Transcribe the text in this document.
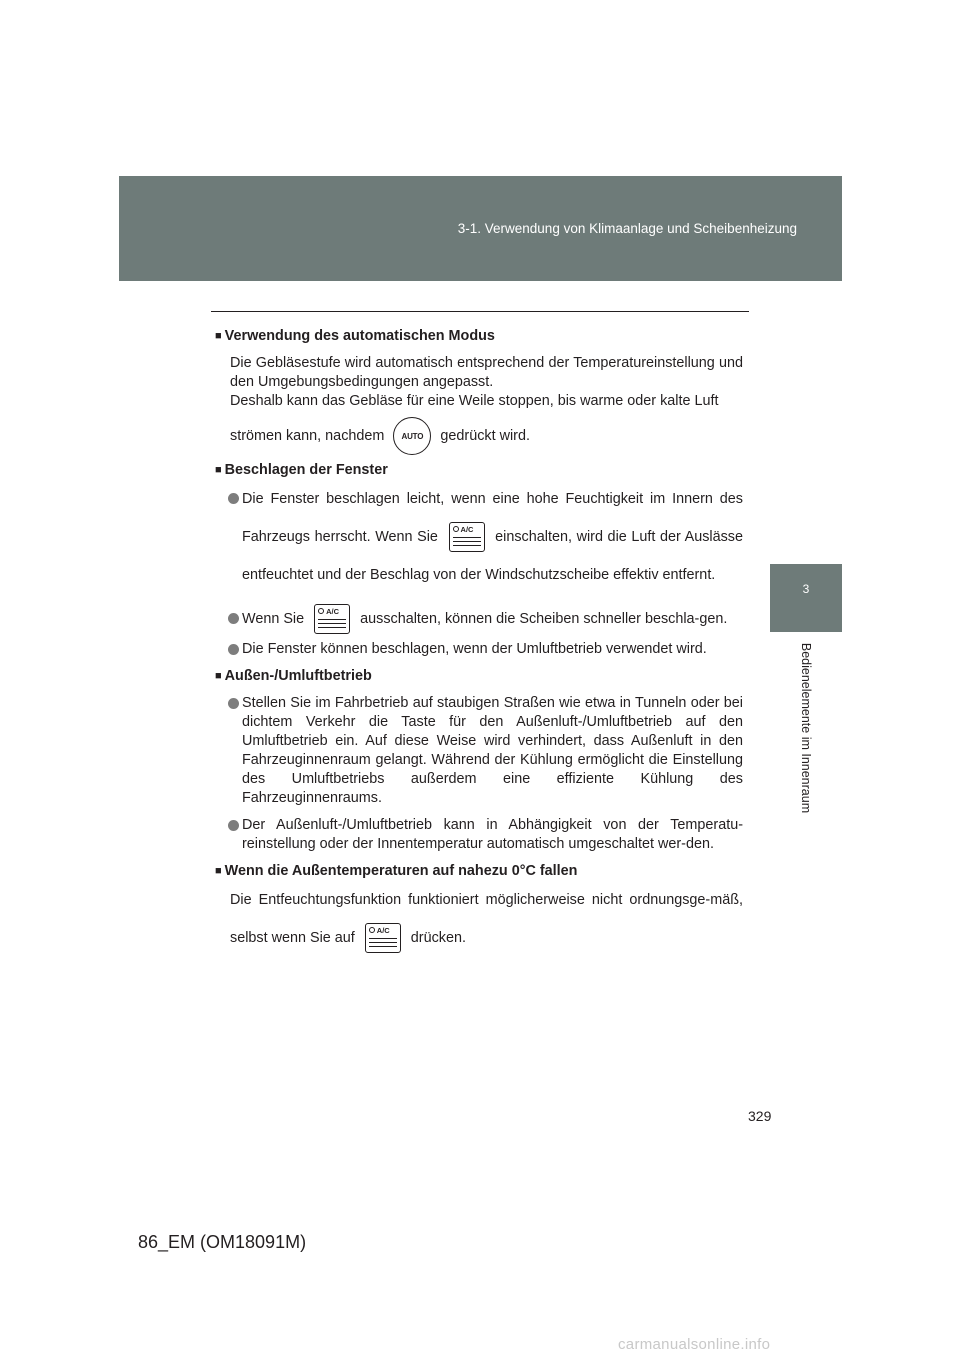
3-1. Verwendung von Klimaanlage und Scheibenheizung
3
Bedienelemente im Innenraum

■ Verwendung des automatischen Modus

Die Gebläsestufe wird automatisch entsprechend der Temperatureinstellung und den Umgebungsbedingungen angepasst.
Deshalb kann das Gebläse für eine Weile stoppen, bis warme oder kalte Luft

strömen kann, nachdem AUTO gedrückt wird.

■ Beschlagen der Fenster

Die Fenster beschlagen leicht, wenn eine hohe Feuchtigkeit im Innern des Fahrzeugs herrscht. Wenn Sie	A/C einschalten, wird die Luft der Auslässe entfeuchtet und der Beschlag von der Windschutzscheibe effektiv entfernt.
Wenn Sie	A/C ausschalten, können die Scheiben schneller beschla-gen.
Die Fenster können beschlagen, wenn der Umluftbetrieb verwendet wird.

■ Außen-/Umluftbetrieb

Stellen Sie im Fahrbetrieb auf staubigen Straßen wie etwa in Tunneln oder bei dichtem Verkehr die Taste für den Außenluft-/Umluftbetrieb auf den Umluftbetrieb ein. Auf diese Weise wird verhindert, dass Außenluft in den Fahrzeuginnenraum gelangt. Während der Kühlung ermöglicht die Einstellung des Umluftbetriebs außerdem eine effiziente Kühlung des Fahrzeuginnenraums.
Der Außenluft-/Umluftbetrieb kann in Abhängigkeit von der Temperatu-reinstellung oder der Innentemperatur automatisch umgeschaltet wer-den.

■ Wenn die Außentemperaturen auf nahezu 0°C fallen

Die Entfeuchtungsfunktion funktioniert möglicherweise nicht ordnungsge-mäß, selbst wenn Sie auf	A/C drücken.

329
86_EM (OM18091M)
carmanualsonline.info
